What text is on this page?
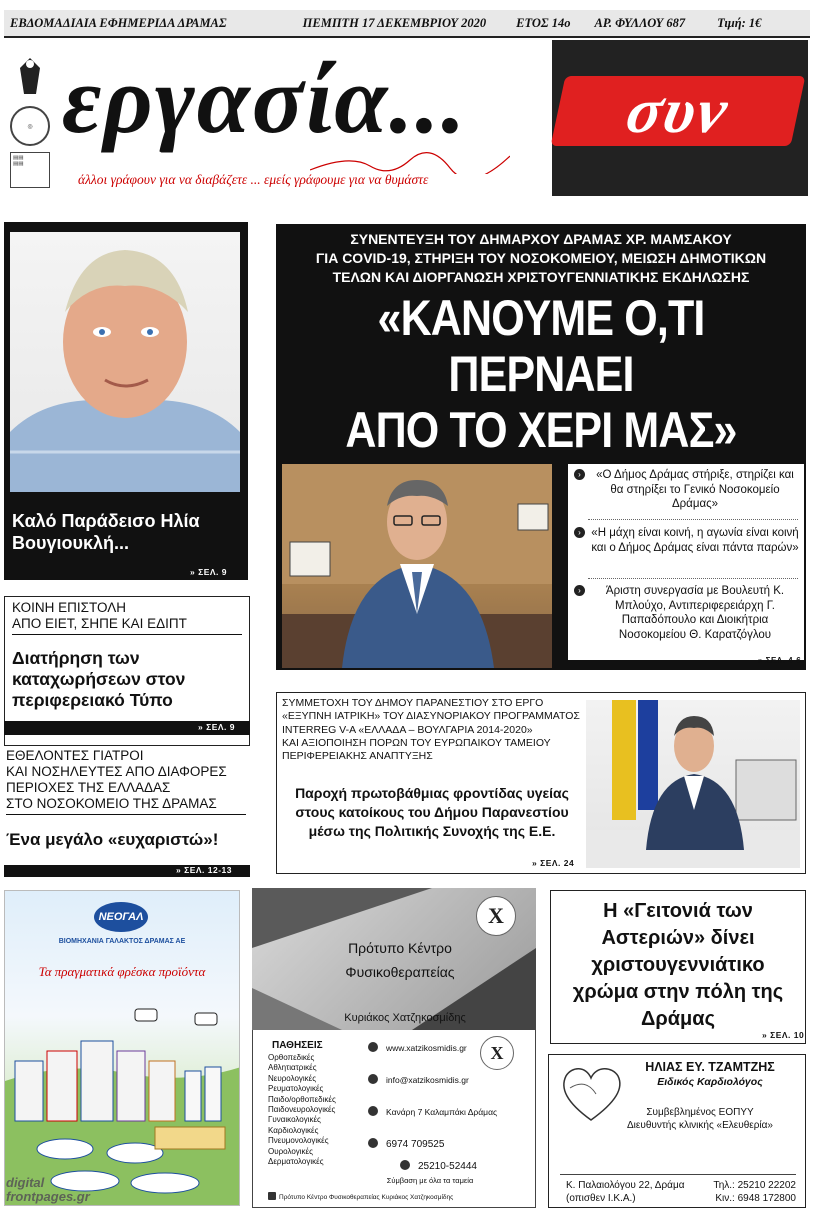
ΕΒΔΟΜΑΔΙΑΙΑ ΕΦΗΜΕΡΙΔΑ ΔΡΑΜΑΣ	ΠΕΜΠΤΗ 17 ΔΕΚΕΜΒΡΙΟΥ 2020 ΕΤΟΣ 14ο ΑΡ. ΦΥΛΛΟΥ 687	Τιμή: 1€
◎
▤▤
▤▤
εργασία...	συν
άλλοι γράφουν για να διαβάζετε ... εμείς γράφουμε για να θυμάστε
Καλό Παράδεισο Ηλία Βουγιουκλή...
» ΣΕΛ. 9
ΚΟΙΝΗ ΕΠΙΣΤΟΛΗ
ΑΠΟ ΕΙΕΤ, ΣΗΠΕ ΚΑΙ ΕΔΙΠΤ
Διατήρηση των καταχωρήσεων στον περιφερειακό Τύπο
» ΣΕΛ. 9
ΕΘΕΛΟΝΤΕΣ ΓΙΑΤΡΟΙ
ΚΑΙ ΝΟΣΗΛΕΥΤΕΣ ΑΠΟ ΔΙΑΦΟΡΕΣ
ΠΕΡΙΟΧΕΣ ΤΗΣ ΕΛΛΑΔΑΣ
ΣΤΟ ΝΟΣΟΚΟΜΕΙΟ ΤΗΣ ΔΡΑΜΑΣ
Ένα μεγάλο «ευχαριστώ»!
» ΣΕΛ. 12-13
ΣΥΝΕΝΤΕΥΞΗ ΤΟΥ ΔΗΜΑΡΧΟΥ ΔΡΑΜΑΣ ΧΡ. ΜΑΜΣΑΚΟΥ
ΓΙΑ COVID-19, ΣΤΗΡΙΞΗ ΤΟΥ ΝΟΣΟΚΟΜΕΙΟΥ, ΜΕΙΩΣΗ ΔΗΜΟΤΙΚΩΝ
ΤΕΛΩΝ ΚΑΙ ΔΙΟΡΓΑΝΩΣΗ ΧΡΙΣΤΟΥΓΕΝΝΙΑΤΙΚΗΣ ΕΚΔΗΛΩΣΗΣ
«ΚΑΝΟΥΜΕ Ο,ΤΙ ΠΕΡΝΑΕΙ
ΑΠΟ ΤΟ ΧΕΡΙ ΜΑΣ»
›	«Ο Δήμος Δράμας στήριξε, στηρίζει και θα στηρίξει το Γενικό Νοσοκομείο Δράμας»
› «Η μάχη είναι κοινή, η αγωνία είναι κοινή και ο Δήμος Δράμας είναι πάντα παρών»
›	Άριστη συνεργασία με Βουλευτή Κ. Μπλούχο, Αντιπεριφερειάρχη Γ. Παπαδόπουλο και Διοικήτρια Νοσοκομείου Θ. Καρατζόγλου
» ΣΕΛ. 4-6
ΣΥΜΜΕΤΟΧΗ ΤΟΥ ΔΗΜΟΥ ΠΑΡΑΝΕΣΤΙΟΥ ΣΤΟ ΕΡΓΟ
«ΕΞΥΠΝΗ ΙΑΤΡΙΚΗ» ΤΟΥ ΔΙΑΣΥΝΟΡΙΑΚΟΥ ΠΡΟΓΡΑΜΜΑΤΟΣ
INTERREG V-A «ΕΛΛΑΔΑ – ΒΟΥΛΓΑΡΙΑ 2014-2020»
ΚΑΙ ΑΞΙΟΠΟΙΗΣΗ ΠΟΡΩΝ ΤΟΥ ΕΥΡΩΠΑΙΚΟΥ ΤΑΜΕΙΟΥ
ΠΕΡΙΦΕΡΕΙΑΚΗΣ ΑΝΑΠΤΥΞΗΣ
Παροχή πρωτοβάθμιας φροντίδας υγείας στους κατοίκους του Δήμου Παρανεστίου μέσω της Πολιτικής Συνοχής της Ε.Ε.
» ΣΕΛ. 24
ΝΕΟΓΑΛ
ΒΙΟΜΗΧΑΝΙΑ ΓΑΛΑΚΤΟΣ ΔΡΑΜΑΣ ΑΕ
Τα πραγματικά φρέσκα προϊόντα
digital
frontpages.gr
Χ
Πρότυπο Κέντρο
Φυσικοθεραπείας
Κυριάκος Χατζηκοσμίδης
Χ
ΠΑΘΗΣΕΙΣ
Ορθοπεδικές
Αθλητιατρικές
Νευρολογικές
Ρευματολογικές
Παιδο/ορθοπεδικές
Παιδονευρολογικές
Γυναικολογικές
Καρδιολογικές
Πνευμονολογικές
Ουρολογικές
Δερματολογικές
www.xatzikosmidis.gr
info@xatzikosmidis.gr
Κανάρη 7 Καλαμπάκι Δράμας
6974 709525
25210-52444
Σύμβαση με όλα τα ταμεία
Πρότυπο Κέντρο Φυσικοθεραπείας Κυριάκος Χατζηκοσμίδης
Η «Γειτονιά των Αστεριών» δίνει χριστουγεννιάτικο χρώμα στην πόλη της Δράμας
» ΣΕΛ. 10
ΗΛΙΑΣ ΕΥ. ΤΖΑΜΤΖΗΣ
Ειδικός Καρδιολόγος
Συμβεβλημένος ΕΟΠΥΥ
Διευθυντής κλινικής «Ελευθερία»
Κ. Παλαιολόγου 22, Δράμα
(οπισθεν Ι.Κ.Α.)
Τηλ.: 25210 22202
Κιν.: 6948 172800
